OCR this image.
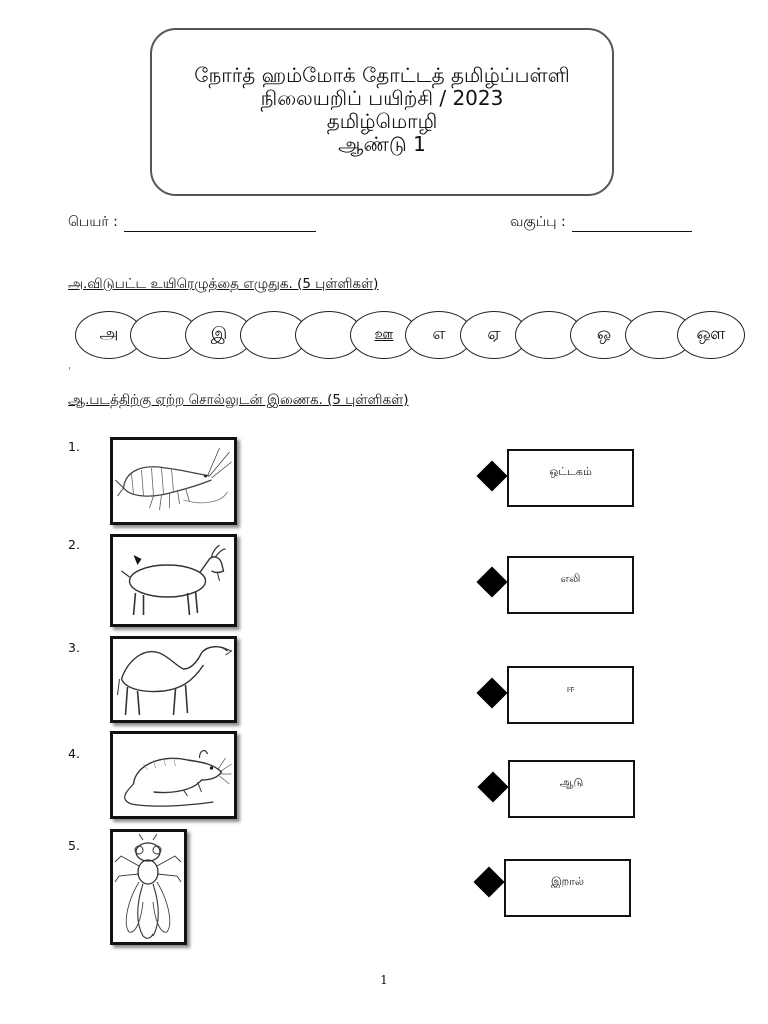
நோர்த் ஹம்மோக் தோட்டத் தமிழ்ப்பள்ளி
நிலையறிப் பயிற்சி / 2023
தமிழ்மொழி
ஆண்டு 1
பெயர் :	வகுப்பு :
அ.விடுபட்ட உயிரெழுத்தை எழுதுக. (5 புள்ளிகள்)
அ	இ	ஊ எ ஏ	ஒ	ஔ
'
ஆ.படத்திற்கு ஏற்ற சொல்லுடன் இணைக. (5 புள்ளிகள்)
1.
2.
3.
4.
5.
ஒட்டகம்
எலி
ஈ
ஆடு
இறால்
1
